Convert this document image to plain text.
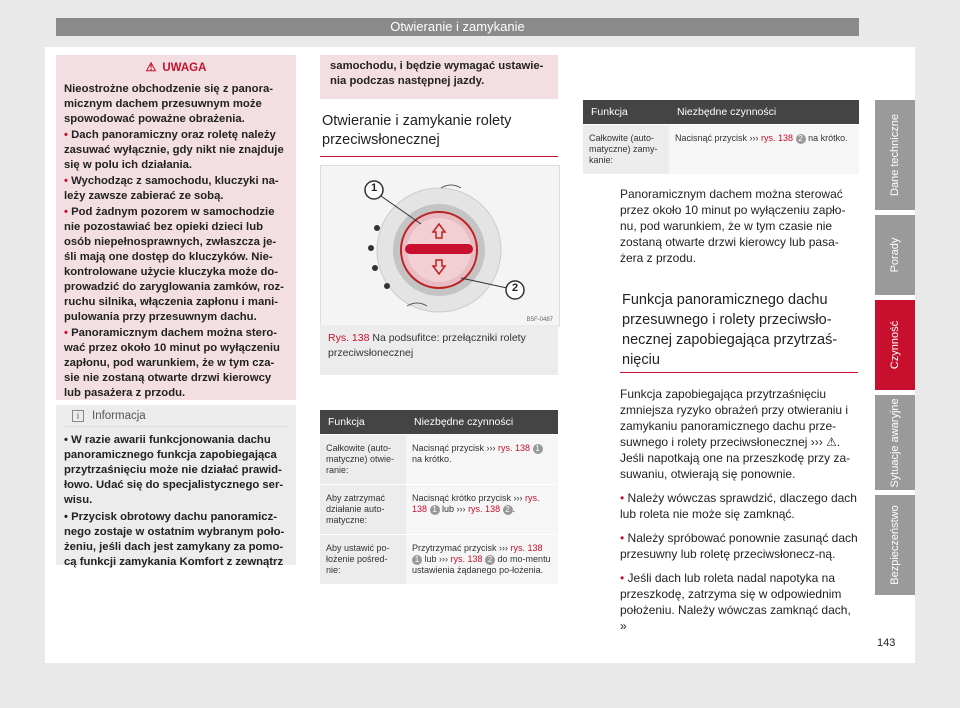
Otwieranie i zamykanie
⚠ UWAGA

Nieostrożne obchodzenie się z panora-micznym dachem przesuwnym może spowodować poważne obrażenia.

• Dach panoramiczny oraz roletę należy zasuwać wyłącznie, gdy nikt nie znajduje się w polu ich działania.

• Wychodząc z samochodu, kluczyki na-leży zawsze zabierać ze sobą.

• Pod żadnym pozorem w samochodzie nie pozostawiać bez opieki dzieci lub osób niepełnosprawnych, zwłaszcza je-śli mają one dostęp do kluczyków. Nie-kontrolowane użycie kluczyka może do-prowadzić do zaryglowania zamków, roz-ruchu silnika, włączenia zapłonu i mani-pulowania przy przesuwnym dachu.

• Panoramicznym dachem można stero-wać przez około 10 minut po wyłączeniu zapłonu, pod warunkiem, że w tym cza-sie nie zostaną otwarte drzwi kierowcy lub pasażera z przodu.

i Informacja

• W razie awarii funkcjonowania dachu panoramicznego funkcja zapobiegająca przytrzaśnięciu może nie działać prawid-łowo. Udać się do specjalistycznego ser-wisu.

• Przycisk obrotowy dachu panoramicz-nego zostaje w ostatnim wybranym poło-żeniu, jeśli dach jest zamykany za pomo-cą funkcji zamykania Komfort z zewnątrz

samochodu, i będzie wymagać ustawie-nia podczas następnej jazdy.
Otwieranie i zamykanie rolety przeciwsłonecznej
1
2
B5F-0487
Rys. 138 Na podsufitce: przełączniki rolety przeciwsłonecznej
Funkcja	Niezbędne czynności
Całkowite (auto-matyczne) otwie-ranie:	Nacisnąć przycisk ››› rys. 138 1 na krótko.
Aby zatrzymać działanie auto-matyczne:	Nacisnąć krótko przycisk ››› rys. 138 1 lub ››› rys. 138 2 .
Aby ustawić po-łożenie pośred-nie:	Przytrzymać przycisk ››› rys. 138 1 lub ››› rys. 138 2 do mo-mentu ustawienia żądanego po-łożenia.
Funkcja	Niezbędne czynności
Całkowite (auto-matyczne) zamy-kanie:	Nacisnąć przycisk ››› rys. 138 2 na krótko.
Panoramicznym dachem można sterować przez około 10 minut po wyłączeniu zapło-nu, pod warunkiem, że w tym czasie nie zostaną otwarte drzwi kierowcy lub pasa-żera z przodu.
Funkcja panoramicznego dachu przesuwnego i rolety przeciwsło-necznej zapobiegająca przytrzaś-nięciu

Funkcja zapobiegająca przytrzaśnięciu zmniejsza ryzyko obrażeń przy otwieraniu i zamykaniu panoramicznego dachu prze-suwnego i rolety przeciwsłonecznej ››› ⚠. Jeśli napotkają one na przeszkodę przy za-suwaniu, otwierają się ponownie.

• Należy wówczas sprawdzić, dlaczego dach lub roleta nie może się zamknąć.

• Należy spróbować ponownie zasunąć dach przesuwny lub roletę przeciwsłonecz-ną.

• Jeśli dach lub roleta nadal napotyka na przeszkodę, zatrzyma się w odpowiednim położeniu. Należy wówczas zamknąć dach, »

Dane techniczne
Porady
Czynność
Sytuacje awaryjne
Bezpieczeństwo
143
